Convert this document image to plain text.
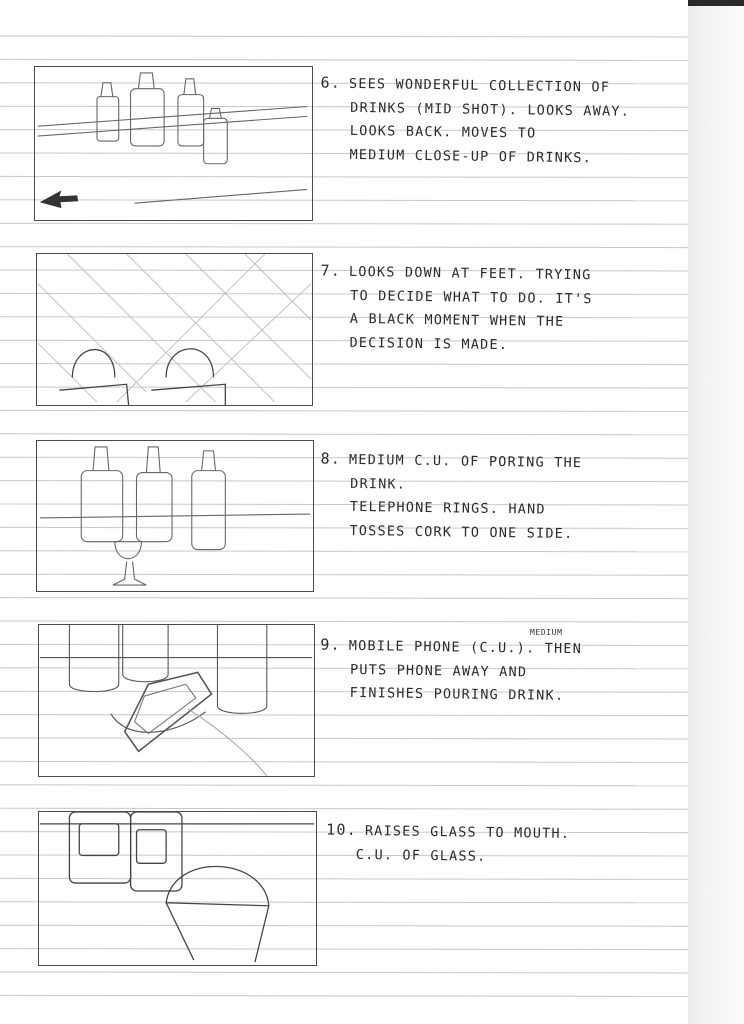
6. SEES WONDERFUL COLLECTION OF
DRINKS (MID SHOT). LOOKS AWAY.
LOOKS BACK. MOVES TO
MEDIUM CLOSE-UP OF DRINKS.
7. LOOKS DOWN AT FEET. TRYING
TO DECIDE WHAT TO DO. IT'S
A BLACK MOMENT WHEN THE
DECISION IS MADE.
8. MEDIUM C.U. OF PORING THE
DRINK.
TELEPHONE RINGS. HAND
TOSSES CORK TO ONE SIDE.
MEDIUM
9. MOBILE PHONE (C.U.). THEN
PUTS PHONE AWAY AND
FINISHES POURING DRINK.
10. RAISES GLASS TO MOUTH.
C.U. OF GLASS.
